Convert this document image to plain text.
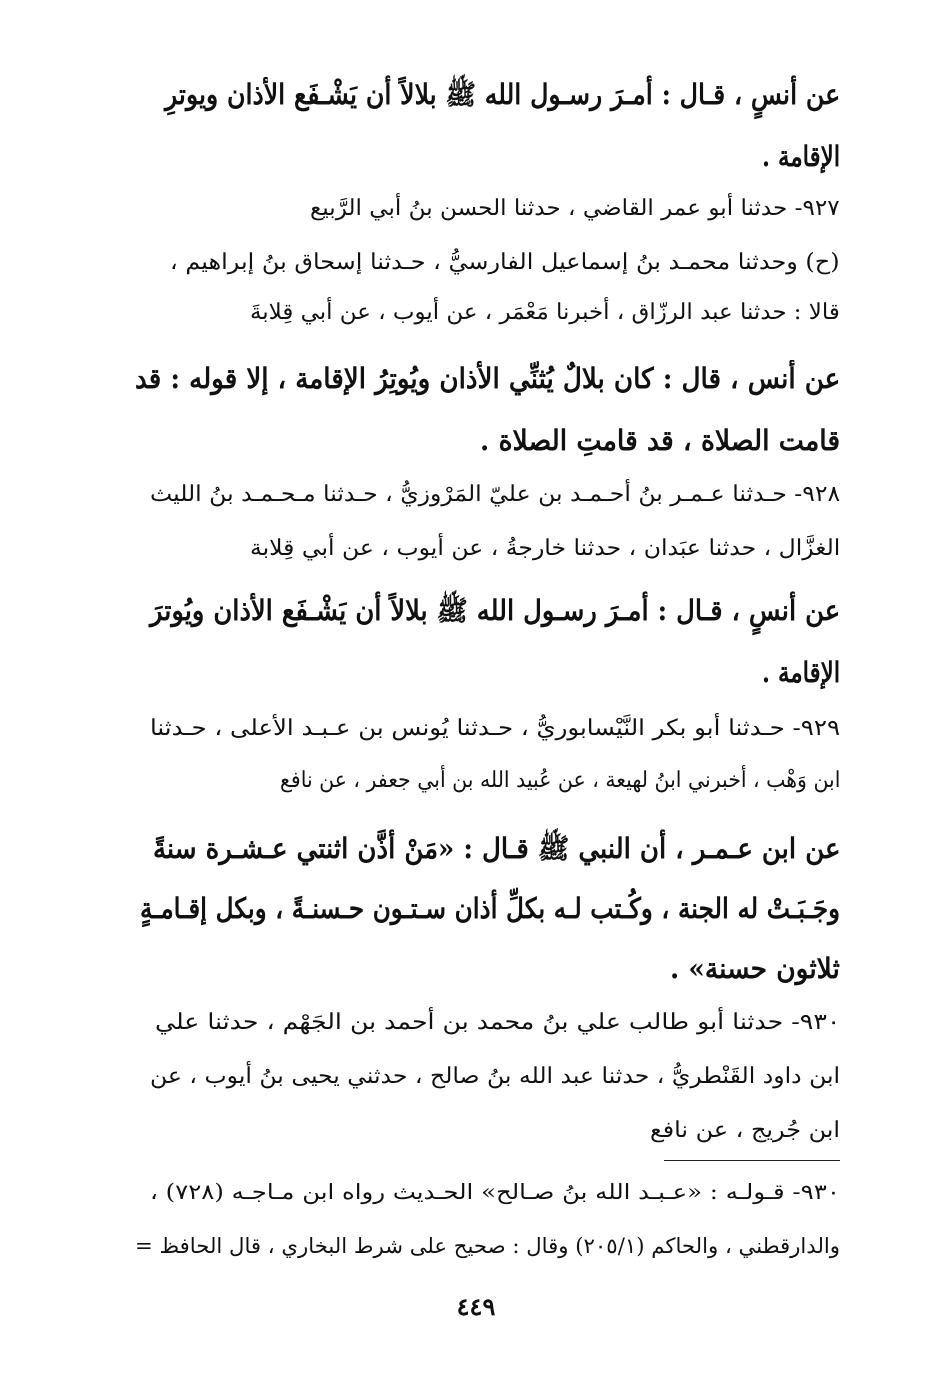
عن أنسٍ ، قـال : أمـرَ رسـول الله ﷺ بلالاً أن يَشْـفَع الأذان ويوترِ
الإقامة .
٩٢٧- حدثنا أبو عمر القاضي ، حدثنا الحسن بنُ أبي الرَّبيع
(ح) وحدثنا محمـد بنُ إسماعيل الفارسيُّ ، حـدثنا إسحاق بنُ إبراهيم ،
قالا : حدثنا عبد الرزّاق ، أخبرنا مَعْمَر ، عن أيوب ، عن أبي قِلابةَ
عن أنس ، قال : كان بلالٌ يُثنِّي الأذان ويُوتِرُ الإقامة ، إلا قوله : قد
قامت الصلاة ، قد قامتِ الصلاة .
٩٢٨- حـدثنا عـمـر بنُ أحـمـد بن عليّ المَرْوزيُّ ، حـدثنا مـحـمـد بنُ الليث
الغزَّال ، حدثنا عبَدان ، حدثنا خارجةُ ، عن أيوب ، عن أبي قِلابة
عن أنسٍ ، قـال : أمـرَ رسـول الله ﷺ بلالاً أن يَشْـفَع الأذان ويُوترَ
الإقامة .
٩٢٩- حـدثنا أبو بكر النَّيْسابوريُّ ، حـدثنا يُونس بن عـبـد الأعلى ، حـدثنا
ابن وَهْب ، أخبرني ابنُ لهيعة ، عن عُبيد الله بن أبي جعفر ، عن نافع
عن ابن عـمـر ، أن النبي ﷺ قـال : «مَنْ أذَّن اثنتي عـشـرة سنةً
وجَـبَـتْ له الجنة ، وكُـتب لـه بكلِّ أذان سـتـون حـسنـةً ، وبكل إقـامـةٍ
ثلاثون حسنة» .
٩٣٠- حدثنا أبو طالب علي بنُ محمد بن أحمد بن الجَهْم ، حدثنا علي
ابن داود القَنْطريُّ ، حدثنا عبد الله بنُ صالح ، حدثني يحيى بنُ أيوب ، عن
ابن جُريج ، عن نافع
٩٣٠- قـولـه : «عـبـد الله بنُ صـالح» الحـديث رواه ابن مـاجـه (٧٢٨) ،
والدارقطني ، والحاكم (٢٠٥/١) وقال : صحيح على شرط البخاري ، قال الحافظ =
٤٤٩
